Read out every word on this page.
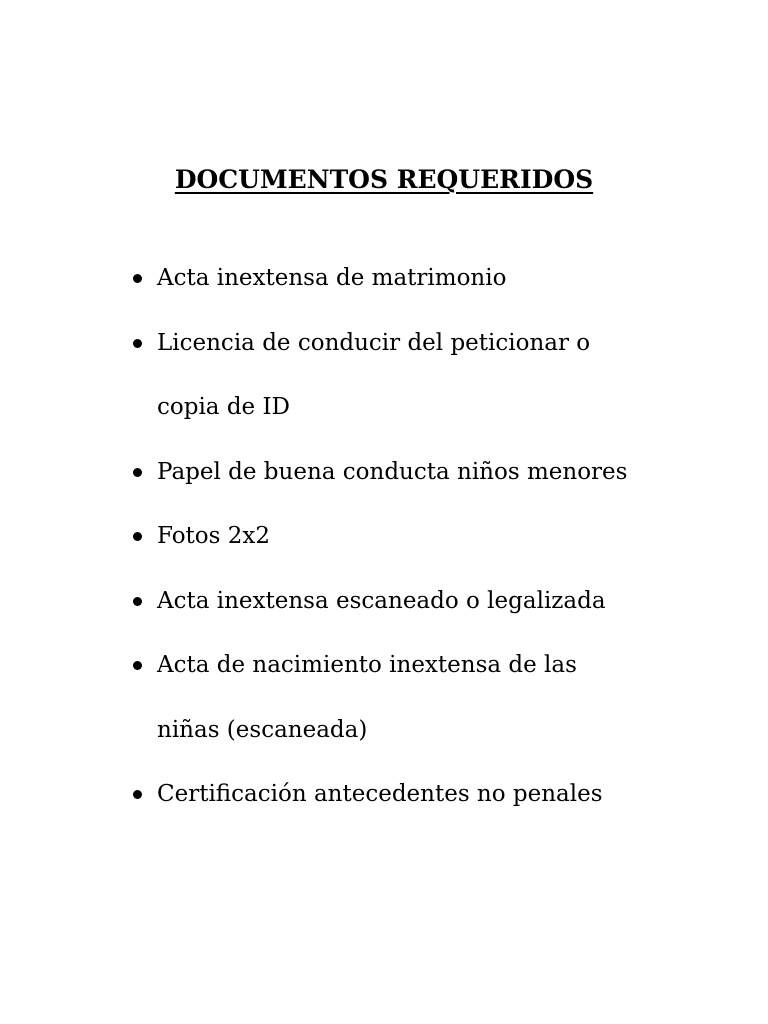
DOCUMENTOS REQUERIDOS
Acta inextensa de matrimonio
Licencia de conducir del peticionar o
copia de ID
Papel de buena conducta niños menores
Fotos 2x2
Acta inextensa escaneado o legalizada
Acta de nacimiento inextensa de las
niñas (escaneada)
Certificación antecedentes no penales
